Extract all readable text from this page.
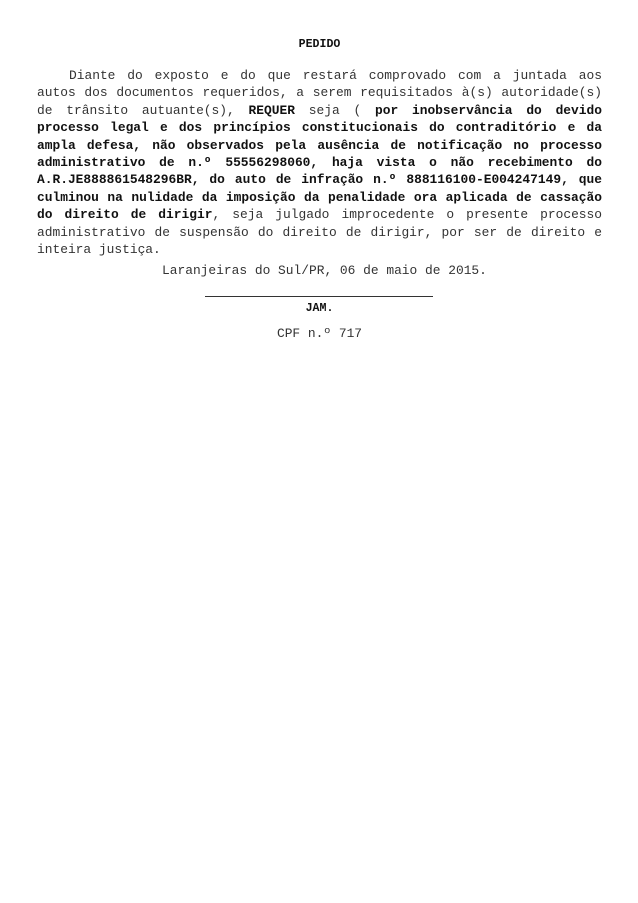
PEDIDO

Diante do exposto e do que restará comprovado com a juntada aos autos dos documentos requeridos, a serem requisitados à(s) autoridade(s) de trânsito autuante(s), REQUER seja ( por inobservância do devido processo legal e dos princípios constitucionais do contraditório e da ampla defesa, não observados pela ausência de notificação no processo administrativo de n.º 55556298060, haja vista o não recebimento do A.R.JE888861548296BR, do auto de infração n.º 888116100-E004247149, que culminou na nulidade da imposição da penalidade ora aplicada de cassação do direito de dirigir, seja julgado improcedente o presente processo administrativo de suspensão do direito de dirigir, por ser de direito e inteira justiça.

Laranjeiras do Sul/PR, 06 de maio de 2015.
JAM.
CPF n.º 717
